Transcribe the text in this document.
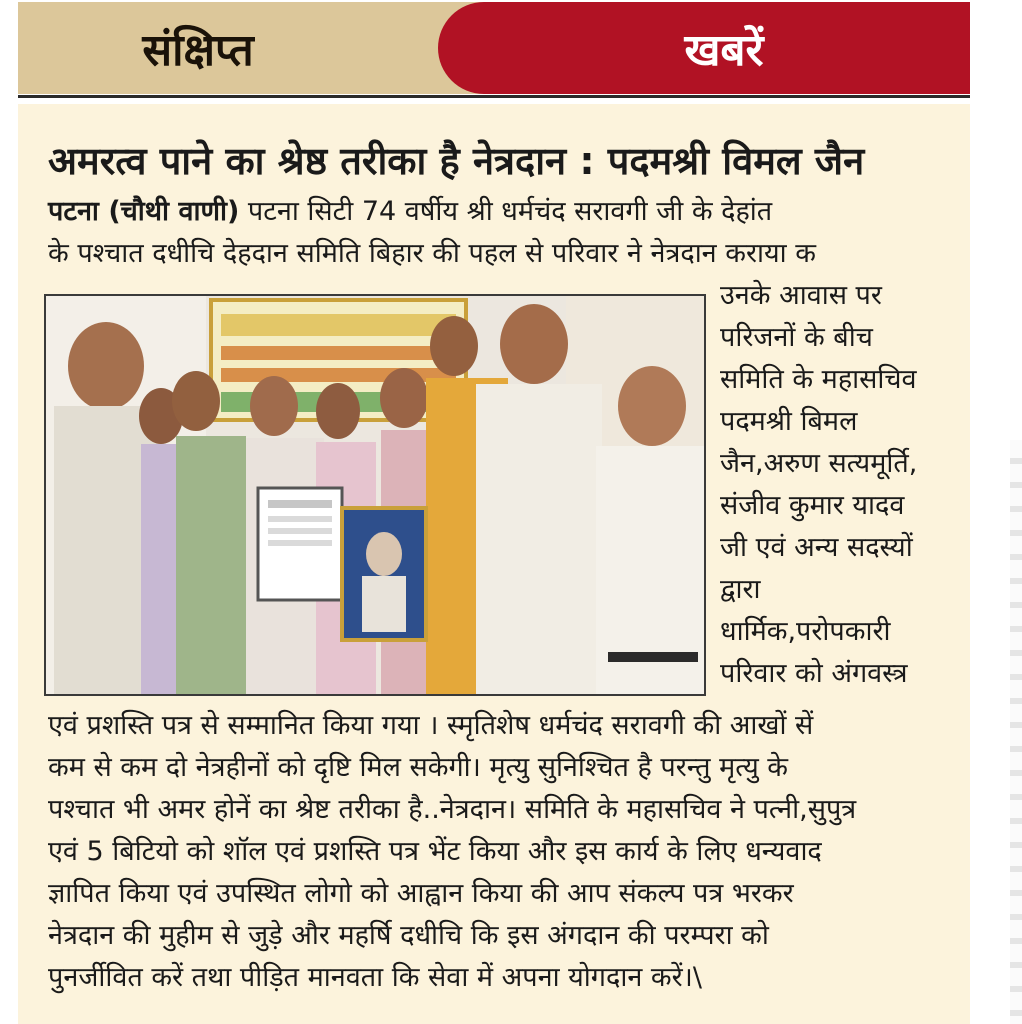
संक्षिप्त	खबरें
अमरत्व पाने का श्रेष्ठ तरीका है नेत्रदान : पदमश्री विमल जैन
पटना (चौथी वाणी) पटना सिटी 74 वर्षीय श्री धर्मचंद सरावगी जी के देहांत
के पश्चात दधीचि देहदान समिति बिहार की पहल से परिवार ने नेत्रदान कराया क
उनके आवास पर
परिजनों के बीच
समिति के महासचिव
पदमश्री बिमल
जैन,अरुण सत्यमूर्ति,
संजीव कुमार यादव
जी एवं अन्य सदस्यों
द्वारा
धार्मिक,परोपकारी
परिवार को अंगवस्त्र
एवं प्रशस्ति पत्र से सम्मानित किया गया । स्मृतिशेष धर्मचंद सरावगी की आखों सें
कम से कम दो नेत्रहीनों को दृष्टि मिल सकेगी। मृत्यु सुनिश्चित है परन्तु मृत्यु के
पश्चात भी अमर होनें का श्रेष्ट तरीका है..नेत्रदान। समिति के महासचिव ने पत्नी,सुपुत्र
एवं 5 बिटियो को शॉल एवं प्रशस्ति पत्र भेंट किया और इस कार्य के लिए धन्यवाद
ज्ञापित किया एवं उपस्थित लोगो को आह्वान किया की आप संकल्प पत्र भरकर
नेत्रदान की मुहीम से जुड़े और महर्षि दधीचि कि इस अंगदान की परम्परा को
पुनर्जीवित करें तथा पीड़ित मानवता कि सेवा में अपना योगदान करें।\
